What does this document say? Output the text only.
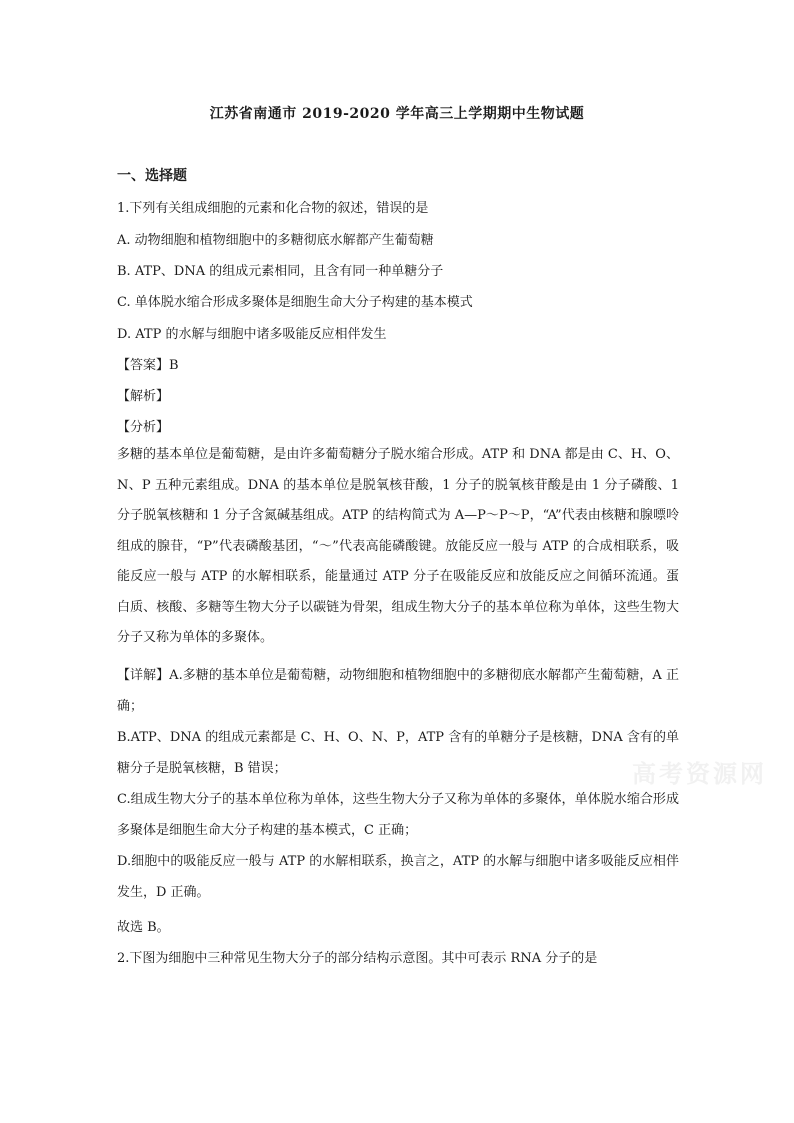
江苏省南通市 2019-2020 学年高三上学期期中生物试题
一、选择题
1.下列有关组成细胞的元素和化合物的叙述，错误的是
A. 动物细胞和植物细胞中的多糖彻底水解都产生葡萄糖
B. ATP、DNA 的组成元素相同，且含有同一种单糖分子
C. 单体脱水缩合形成多聚体是细胞生命大分子构建的基本模式
D. ATP 的水解与细胞中诸多吸能反应相伴发生
【答案】B
【解析】
【分析】
多糖的基本单位是葡萄糖，是由许多葡萄糖分子脱水缩合形成。ATP 和 DNA 都是由 C、H、O、N、P 五种元素组成。DNA 的基本单位是脱氧核苷酸，1 分子的脱氧核苷酸是由 1 分子磷酸、1 分子脱氧核糖和 1 分子含氮碱基组成。ATP 的结构简式为 A—P～P～P，“A”代表由核糖和腺嘌呤组成的腺苷，“P”代表磷酸基团，“～”代表高能磷酸键。放能反应一般与 ATP 的合成相联系，吸能反应一般与 ATP 的水解相联系，能量通过 ATP 分子在吸能反应和放能反应之间循环流通。蛋白质、核酸、多糖等生物大分子以碳链为骨架，组成生物大分子的基本单位称为单体，这些生物大分子又称为单体的多聚体。
【详解】A.多糖的基本单位是葡萄糖，动物细胞和植物细胞中的多糖彻底水解都产生葡萄糖，A 正确；
B.ATP、DNA 的组成元素都是 C、H、O、N、P，ATP 含有的单糖分子是核糖，DNA 含有的单糖分子是脱氧核糖，B 错误；
C.组成生物大分子的基本单位称为单体，这些生物大分子又称为单体的多聚体，单体脱水缩合形成多聚体是细胞生命大分子构建的基本模式，C 正确；
D.细胞中的吸能反应一般与 ATP 的水解相联系，换言之，ATP 的水解与细胞中诸多吸能反应相伴发生，D 正确。
故选 B。
2.下图为细胞中三种常见生物大分子的部分结构示意图。其中可表示 RNA 分子的是
高考资源网
